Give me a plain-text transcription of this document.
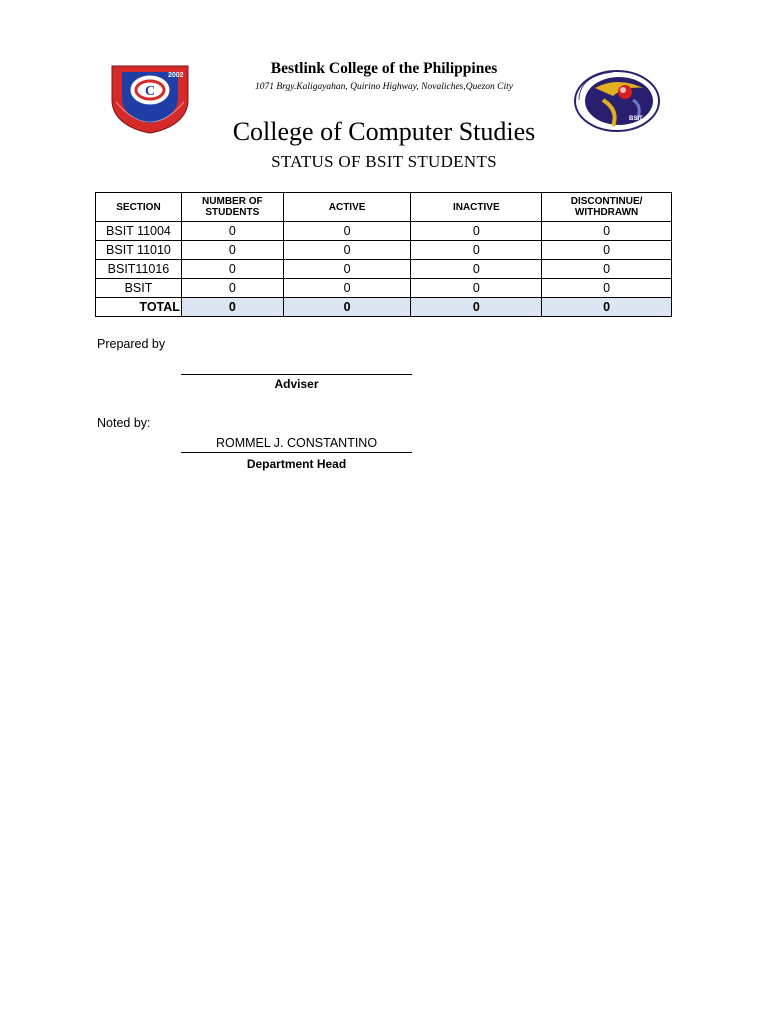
C
2002	Bestlink College of the Philippines
1071 Brgy.Kaligayahan, Quirino Highway, Novaliches,Quezon City
College of Computer Studies
STATUS OF BSIT STUDENTS
BSIT
SECTION	NUMBER OF STUDENTS	ACTIVE	INACTIVE	DISCONTINUE/ WITHDRAWN
BSIT 11004	0	0	0	0
BSIT 11010	0	0	0	0
BSIT11016	0	0	0	0
BSIT	0	0	0	0
TOTAL	0	0	0	0
Prepared by
Adviser
Noted by:
ROMMEL J. CONSTANTINO
Department Head
